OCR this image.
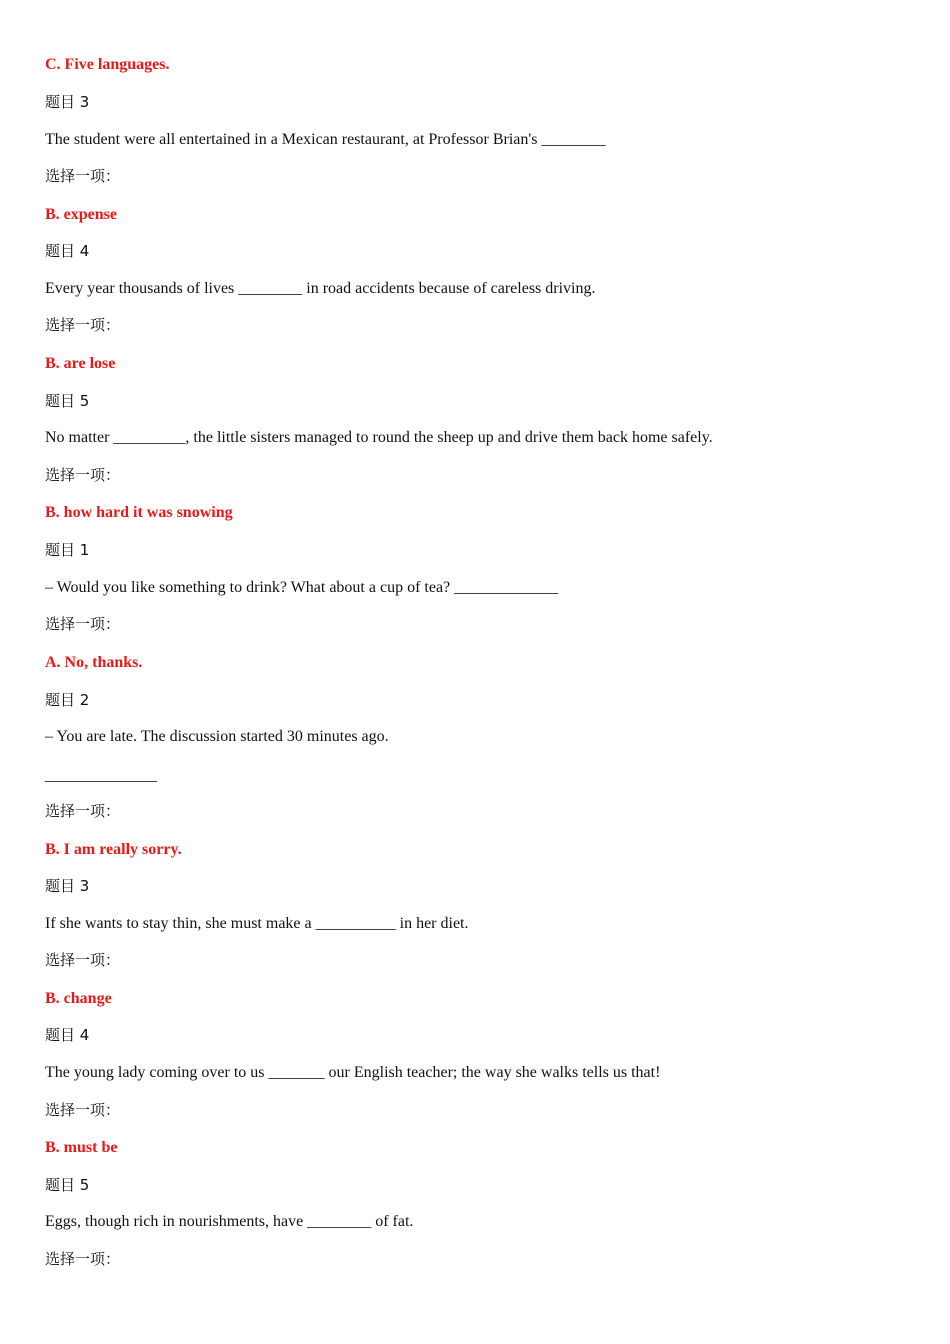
C. Five languages.
题目 3
The student were all entertained in a Mexican restaurant, at Professor Brian's ________
选择一项：
B. expense
题目 4
Every year thousands of lives ________ in road accidents because of careless driving.
选择一项：
B. are lose
题目 5
No matter _________, the little sisters managed to round the sheep up and drive them back home safely.
选择一项：
B. how hard it was snowing
题目 1
– Would you like something to drink? What about a cup of tea? _____________
选择一项：
A. No, thanks.
题目 2
– You are late. The discussion started 30 minutes ago.
______________
选择一项：
B. I am really sorry.
题目 3
If she wants to stay thin, she must make a __________ in her diet.
选择一项：
B. change
题目 4
The young lady coming over to us _______ our English teacher; the way she walks tells us that!
选择一项：
B. must be
题目 5
Eggs, though rich in nourishments, have ________ of fat.
选择一项：
